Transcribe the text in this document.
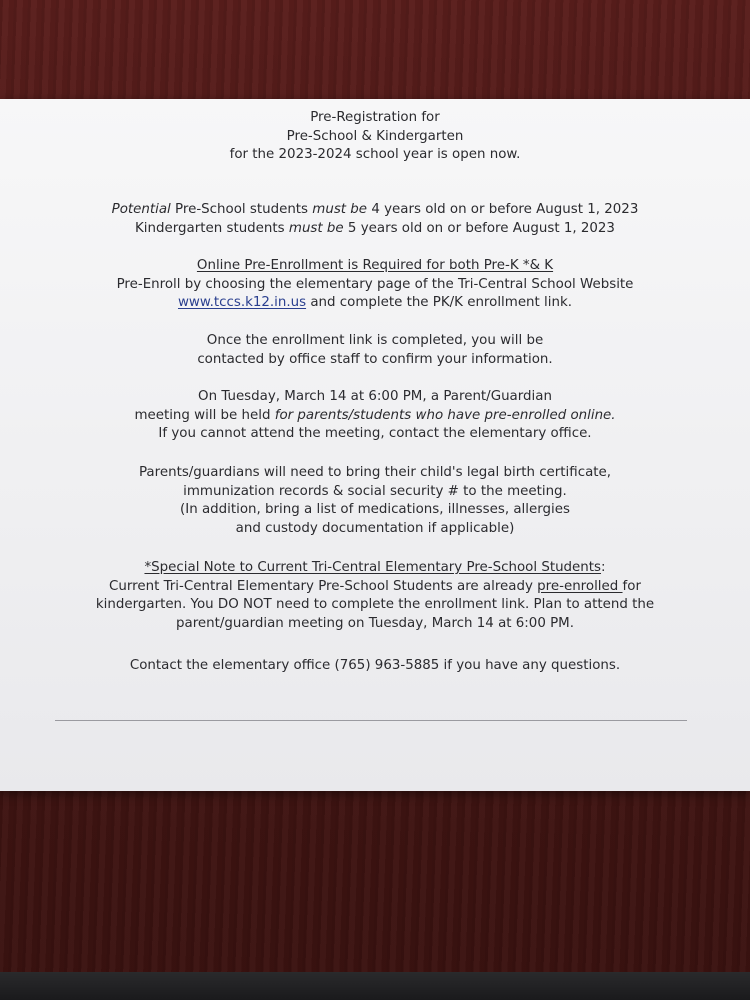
Pre-Registration for
Pre-School & Kindergarten
for the 2023-2024 school year is open now.
Potential Pre-School students must be 4 years old on or before August 1, 2023
Kindergarten students must be 5 years old on or before August 1, 2023
Online Pre-Enrollment is Required for both Pre-K *& K
Pre-Enroll by choosing the elementary page of the Tri-Central School Website
www.tccs.k12.in.us and complete the PK/K enrollment link.
Once the enrollment link is completed, you will be
contacted by office staff to confirm your information.
On Tuesday, March 14 at 6:00 PM, a Parent/Guardian
meeting will be held for parents/students who have pre-enrolled online.
If you cannot attend the meeting, contact the elementary office.
Parents/guardians will need to bring their child's legal birth certificate,
immunization records & social security # to the meeting.
(In addition, bring a list of medications, illnesses, allergies
and custody documentation if applicable)
*Special Note to Current Tri-Central Elementary Pre-School Students:
Current Tri-Central Elementary Pre-School Students are already pre-enrolled for
kindergarten. You DO NOT need to complete the enrollment link. Plan to attend the
parent/guardian meeting on Tuesday, March 14 at 6:00 PM.
Contact the elementary office (765) 963-5885 if you have any questions.
